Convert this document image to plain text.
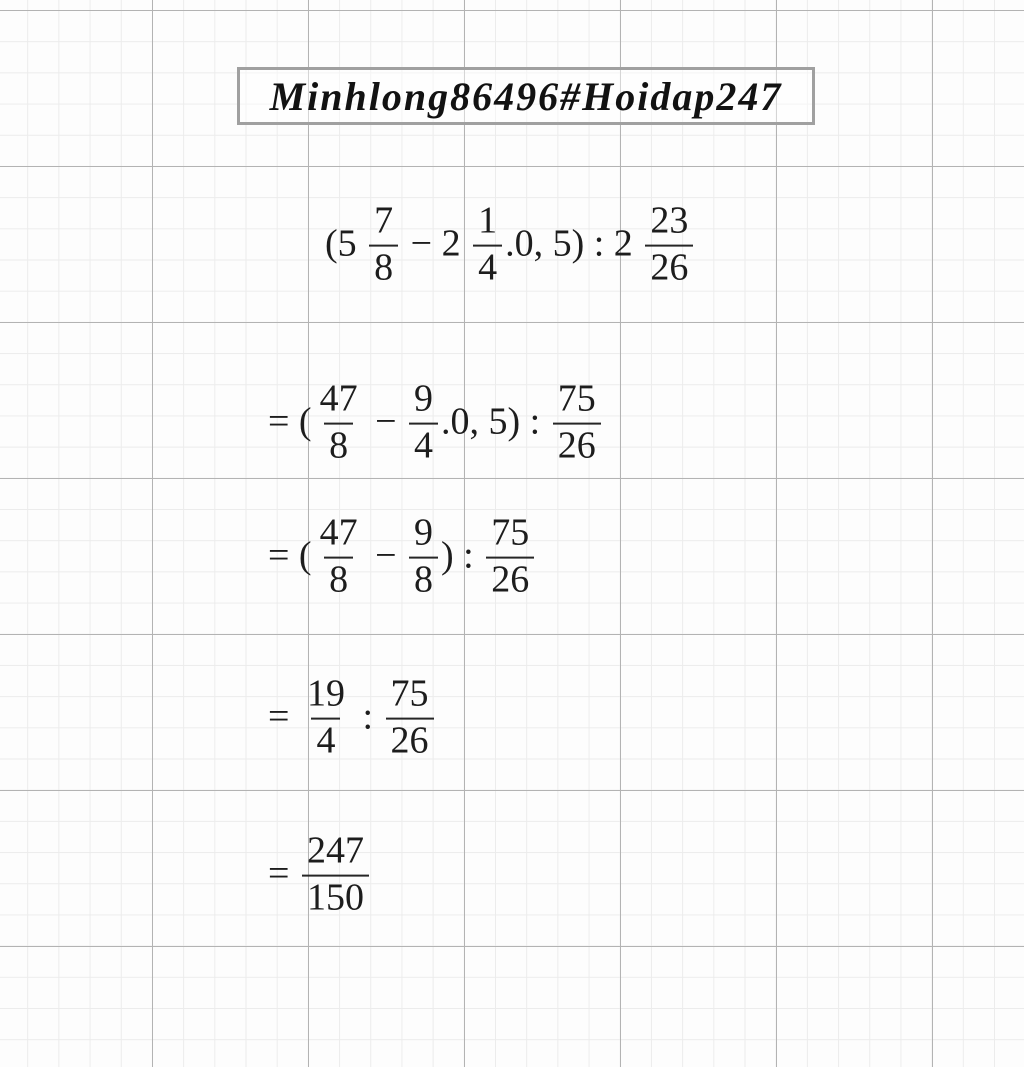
Minhlong86496#Hoidap247
($5 \frac{7}{8} - 2 \frac{1}{4} .0$, 5) : $2 \frac{23}{26}$
= ( $\frac{47}{8} - \frac{9}{4} .0$, 5) : $\frac{75}{26}$
= ( $\frac{47}{8} - \frac{9}{8}$ ) : $\frac{75}{26}$
= $\frac{19}{4}$ : $\frac{75}{26}$
= $\frac{247}{150}$
